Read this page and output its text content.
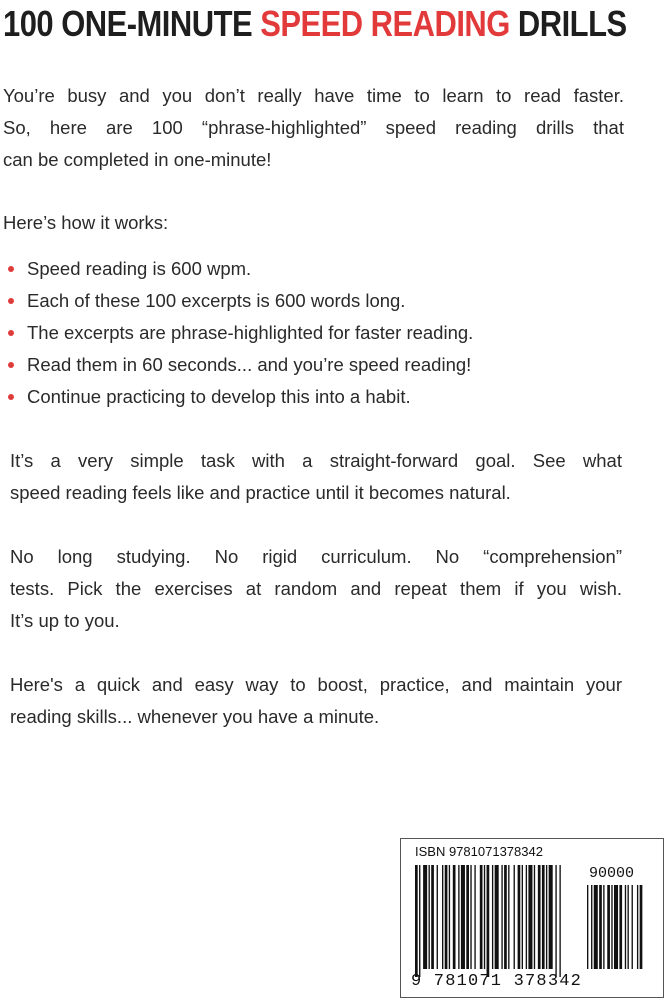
100 ONE-MINUTE SPEED READING DRILLS

You’re busy and you don’t really have time to learn to read faster.
So, here are 100 “phrase-highlighted” speed reading drills that
can be completed in one-minute!

Here’s how it works:

Speed reading is 600 wpm.
Each of these 100 excerpts is 600 words long.
The excerpts are phrase-highlighted for faster reading.
Read them in 60 seconds... and you’re speed reading!
Continue practicing to develop this into a habit.

It’s a very simple task with a straight-forward goal. See what
speed reading feels like and practice until it becomes natural.

No long studying. No rigid curriculum. No “comprehension”
tests. Pick the exercises at random and repeat them if you wish.
It’s up to you.

Here's a quick and easy way to boost, practice, and maintain your
reading skills... whenever you have a minute.

ISBN 9781071378342
90000
9 781071 378342
